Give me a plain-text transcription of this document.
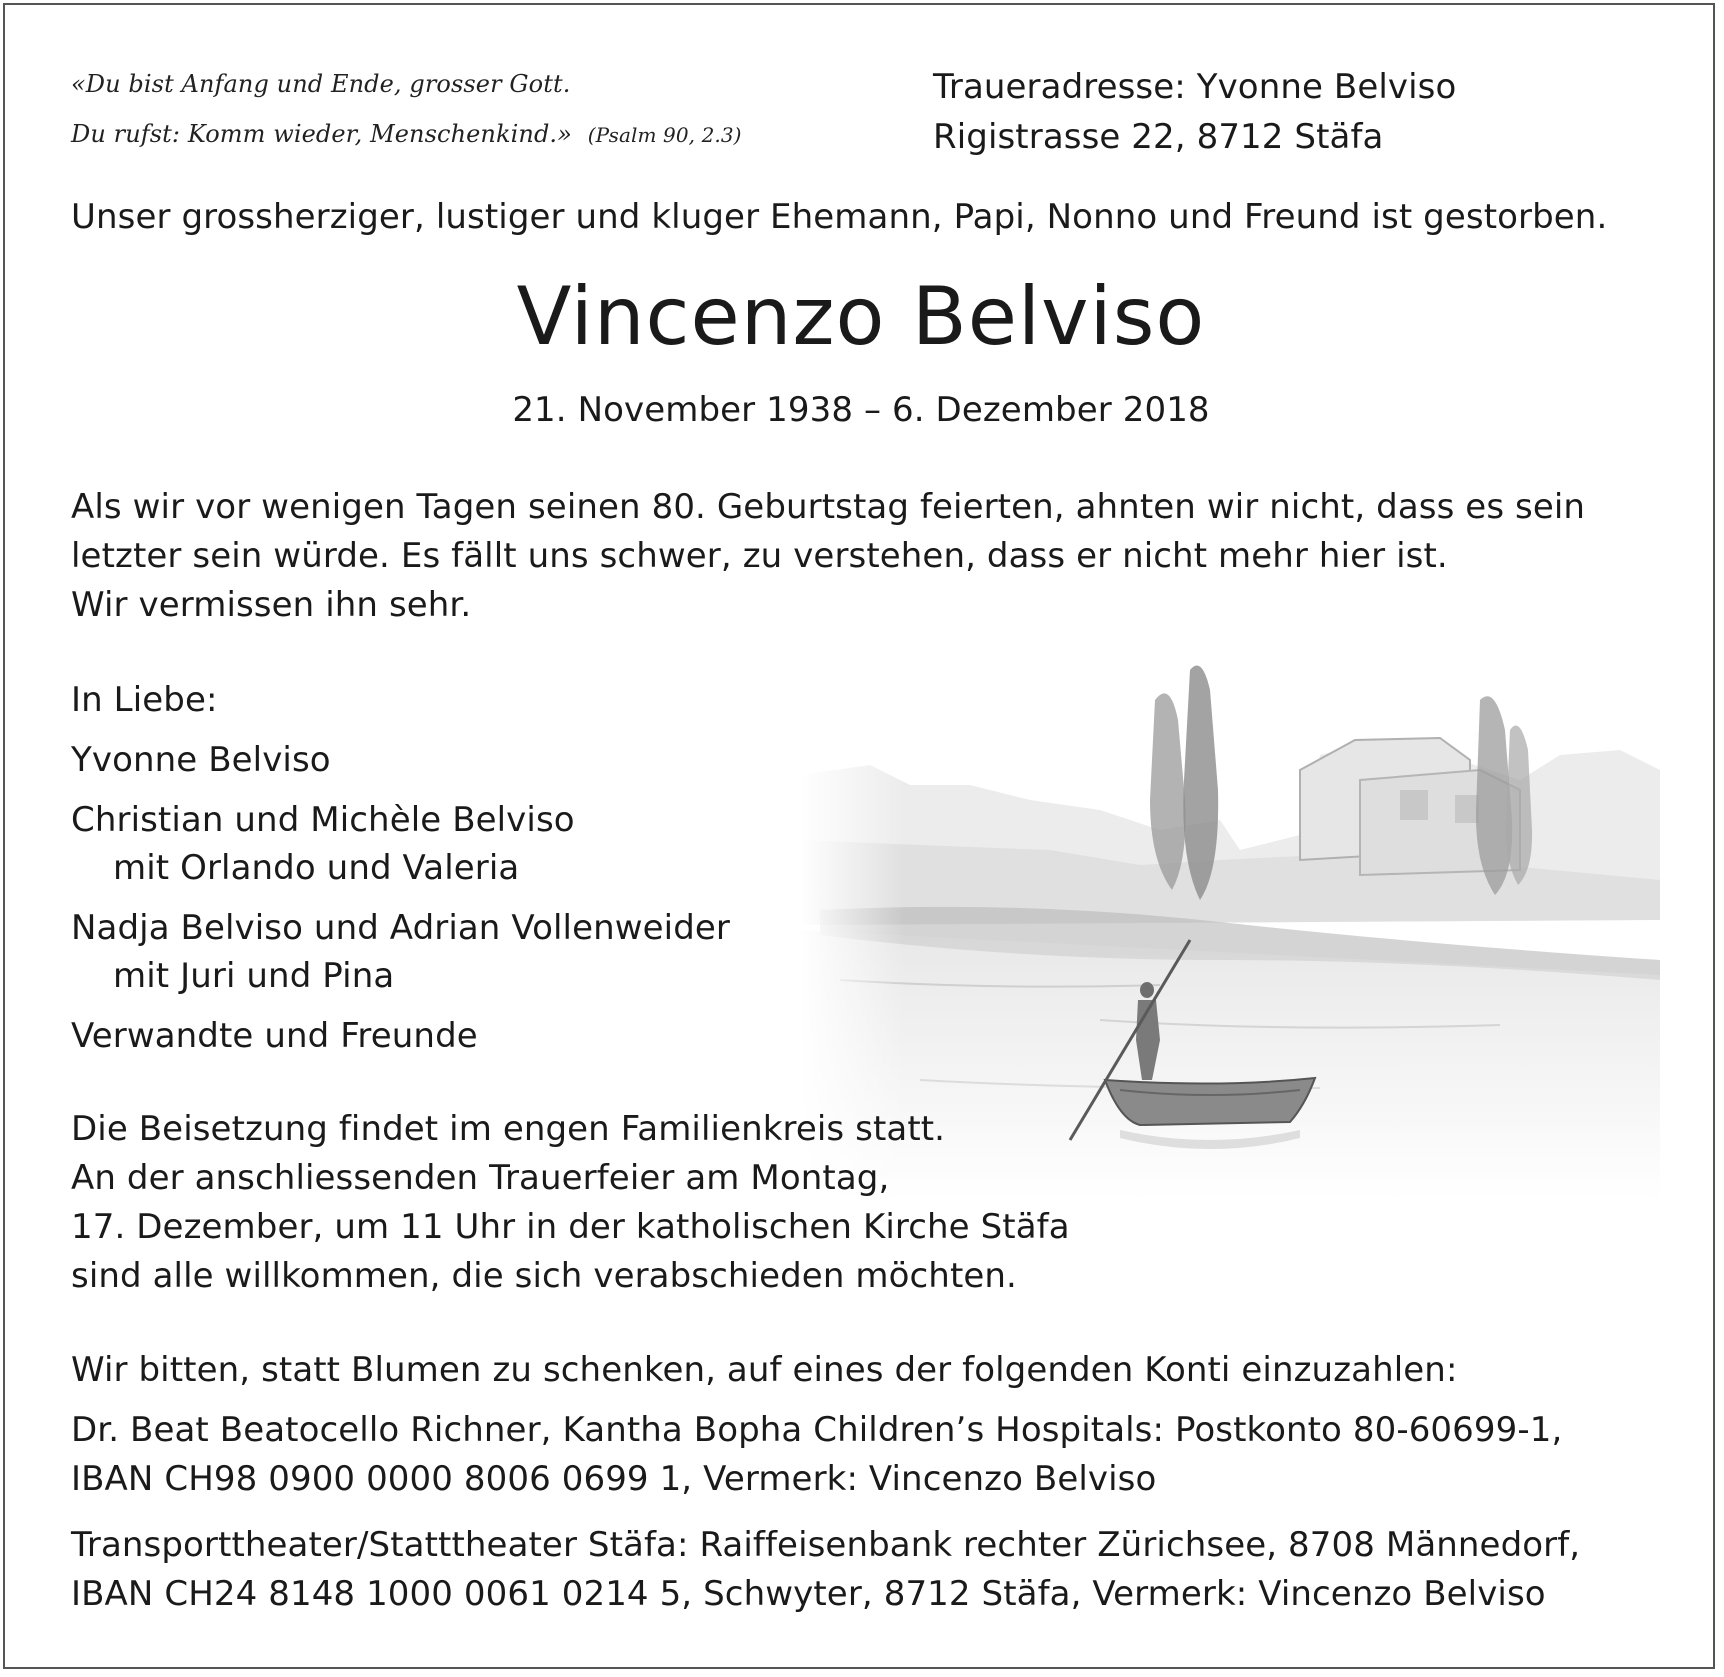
«Du bist Anfang und Ende, grosser Gott.
Du rufst: Komm wieder, Menschenkind.» (Psalm 90, 2.3)
Traueradresse: Yvonne Belviso
Rigistrasse 22, 8712 Stäfa
Unser grossherziger, lustiger und kluger Ehemann, Papi, Nonno und Freund ist gestorben.
Vincenzo Belviso
21. November 1938 – 6. Dezember 2018
Als wir vor wenigen Tagen seinen 80. Geburtstag feierten, ahnten wir nicht, dass es sein
letzter sein würde. Es fällt uns schwer, zu verstehen, dass er nicht mehr hier ist.
Wir vermissen ihn sehr.
In Liebe:
Yvonne Belviso
Christian und Michèle Belviso
mit Orlando und Valeria
Nadja Belviso und Adrian Vollenweider
mit Juri und Pina
Verwandte und Freunde
Die Beisetzung findet im engen Familienkreis statt.
An der anschliessenden Trauerfeier am Montag,
17. Dezember, um 11 Uhr in der katholischen Kirche Stäfa
sind alle willkommen, die sich verabschieden möchten.
Wir bitten, statt Blumen zu schenken, auf eines der folgenden Konti einzuzahlen:
Dr. Beat Beatocello Richner, Kantha Bopha Children’s Hospitals: Postkonto 80-60699-1,
IBAN CH98 0900 0000 8006 0699 1, Vermerk: Vincenzo Belviso
Transporttheater/Statttheater Stäfa: Raiffeisenbank rechter Zürichsee, 8708 Männedorf,
IBAN CH24 8148 1000 0061 0214 5, Schwyter, 8712 Stäfa, Vermerk: Vincenzo Belviso
